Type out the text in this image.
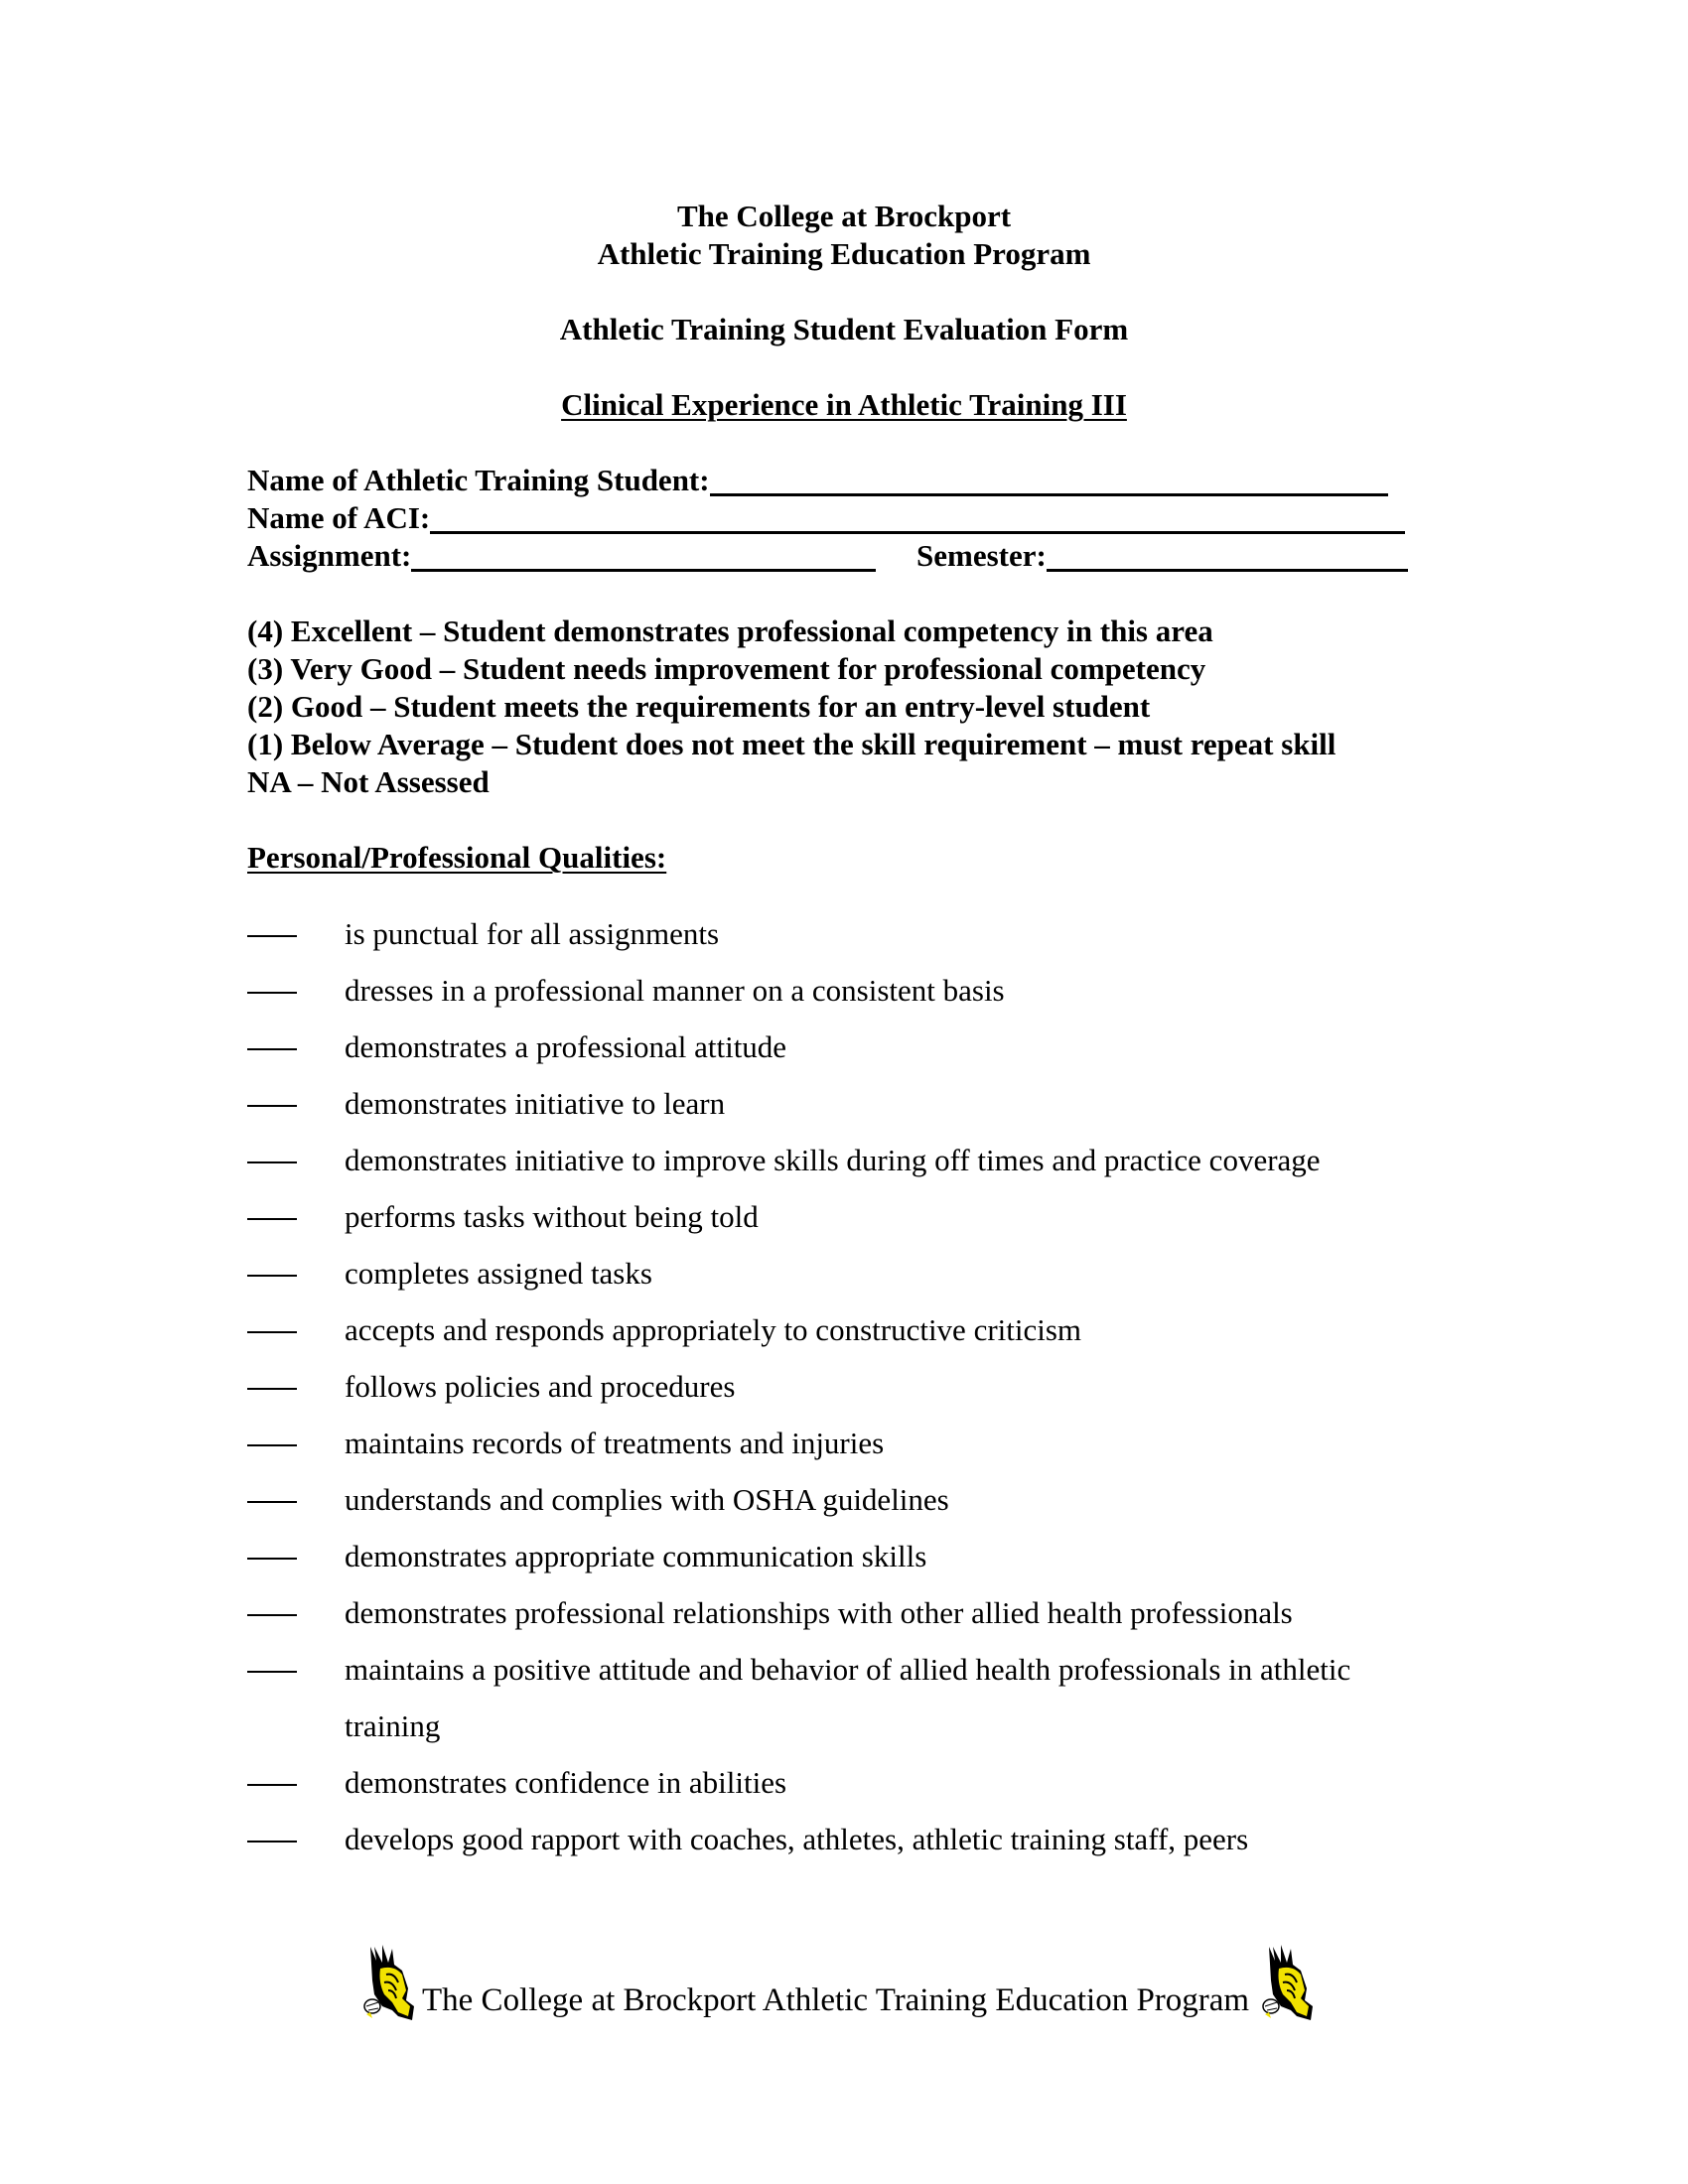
The College at Brockport
Athletic Training Education Program
Athletic Training Student Evaluation Form
Clinical Experience in Athletic Training III
Name of Athletic Training Student:
Name of ACI:
Assignment:	Semester:
(4) Excellent – Student demonstrates professional competency in this area
(3) Very Good – Student needs improvement for professional competency
(2) Good – Student meets the requirements for an entry-level student
(1) Below Average – Student does not meet the skill requirement – must repeat skill
NA – Not Assessed
Personal/Professional Qualities:
is punctual for all assignments
dresses in a professional manner on a consistent basis
demonstrates a professional attitude
demonstrates initiative to learn
demonstrates initiative to improve skills during off times and practice coverage
performs tasks without being told
completes assigned tasks
accepts and responds appropriately to constructive criticism
follows policies and procedures
maintains records of treatments and injuries
understands and complies with OSHA guidelines
demonstrates appropriate communication skills
demonstrates professional relationships with other allied health professionals
maintains a positive attitude and behavior of allied health professionals in athletic training
demonstrates confidence in abilities
develops good rapport with coaches, athletes, athletic training staff, peers
The College at Brockport Athletic Training Education Program
